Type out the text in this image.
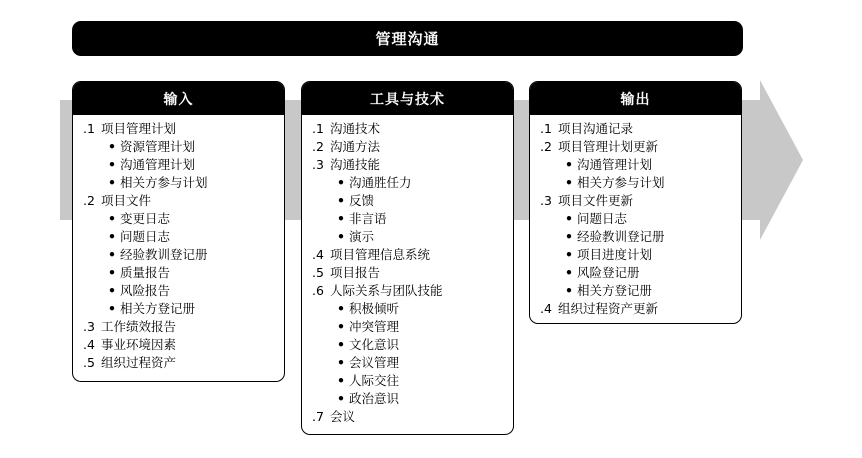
管理沟通
输入
.1 项目管理计划
• 资源管理计划
• 沟通管理计划
• 相关方参与计划
.2 项目文件
• 变更日志
• 问题日志
• 经验教训登记册
• 质量报告
• 风险报告
• 相关方登记册
.3 工作绩效报告
.4 事业环境因素
.5 组织过程资产
工具与技术
.1 沟通技术
.2 沟通方法
.3 沟通技能
• 沟通胜任力
• 反馈
• 非言语
• 演示
.4 项目管理信息系统
.5 项目报告
.6 人际关系与团队技能
• 积极倾听
• 冲突管理
• 文化意识
• 会议管理
• 人际交往
• 政治意识
.7 会议
输出
.1 项目沟通记录
.2 项目管理计划更新
• 沟通管理计划
• 相关方参与计划
.3 项目文件更新
• 问题日志
• 经验教训登记册
• 项目进度计划
• 风险登记册
• 相关方登记册
.4 组织过程资产更新
